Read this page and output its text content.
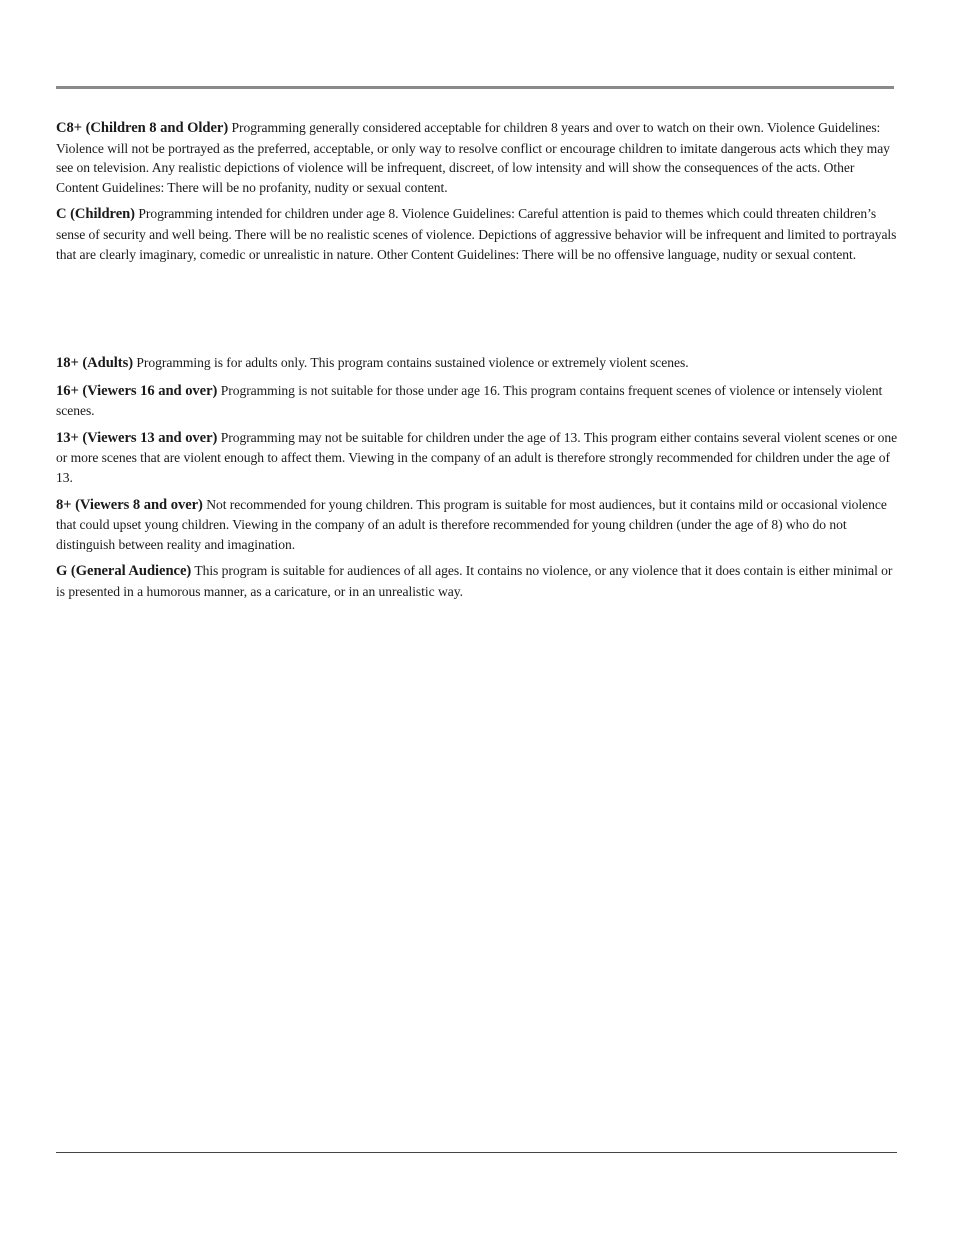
C8+ (Children 8 and Older) Programming generally considered acceptable for children 8 years and over to watch on their own. Violence Guidelines: Violence will not be portrayed as the preferred, acceptable, or only way to resolve conflict or encourage children to imitate dangerous acts which they may see on television. Any realistic depictions of violence will be infrequent, discreet, of low intensity and will show the consequences of the acts. Other Content Guidelines: There will be no profanity, nudity or sexual content.

C (Children) Programming intended for children under age 8. Violence Guidelines: Careful attention is paid to themes which could threaten children’s sense of security and well being. There will be no realistic scenes of violence. Depictions of aggressive behavior will be infrequent and limited to portrayals that are clearly imaginary, comedic or unrealistic in nature. Other Content Guidelines: There will be no offensive language, nudity or sexual content.

18+ (Adults) Programming is for adults only. This program contains sustained violence or extremely violent scenes.

16+ (Viewers 16 and over) Programming is not suitable for those under age 16. This program contains frequent scenes of violence or intensely violent scenes.

13+ (Viewers 13 and over) Programming may not be suitable for children under the age of 13. This program either contains several violent scenes or one or more scenes that are violent enough to affect them. Viewing in the company of an adult is therefore strongly recommended for children under the age of 13.

8+ (Viewers 8 and over) Not recommended for young children. This program is suitable for most audiences, but it contains mild or occasional violence that could upset young children. Viewing in the company of an adult is therefore recommended for young children (under the age of 8) who do not distinguish between reality and imagination.

G (General Audience) This program is suitable for audiences of all ages. It contains no violence, or any violence that it does contain is either minimal or is presented in a humorous manner, as a caricature, or in an unrealistic way.
